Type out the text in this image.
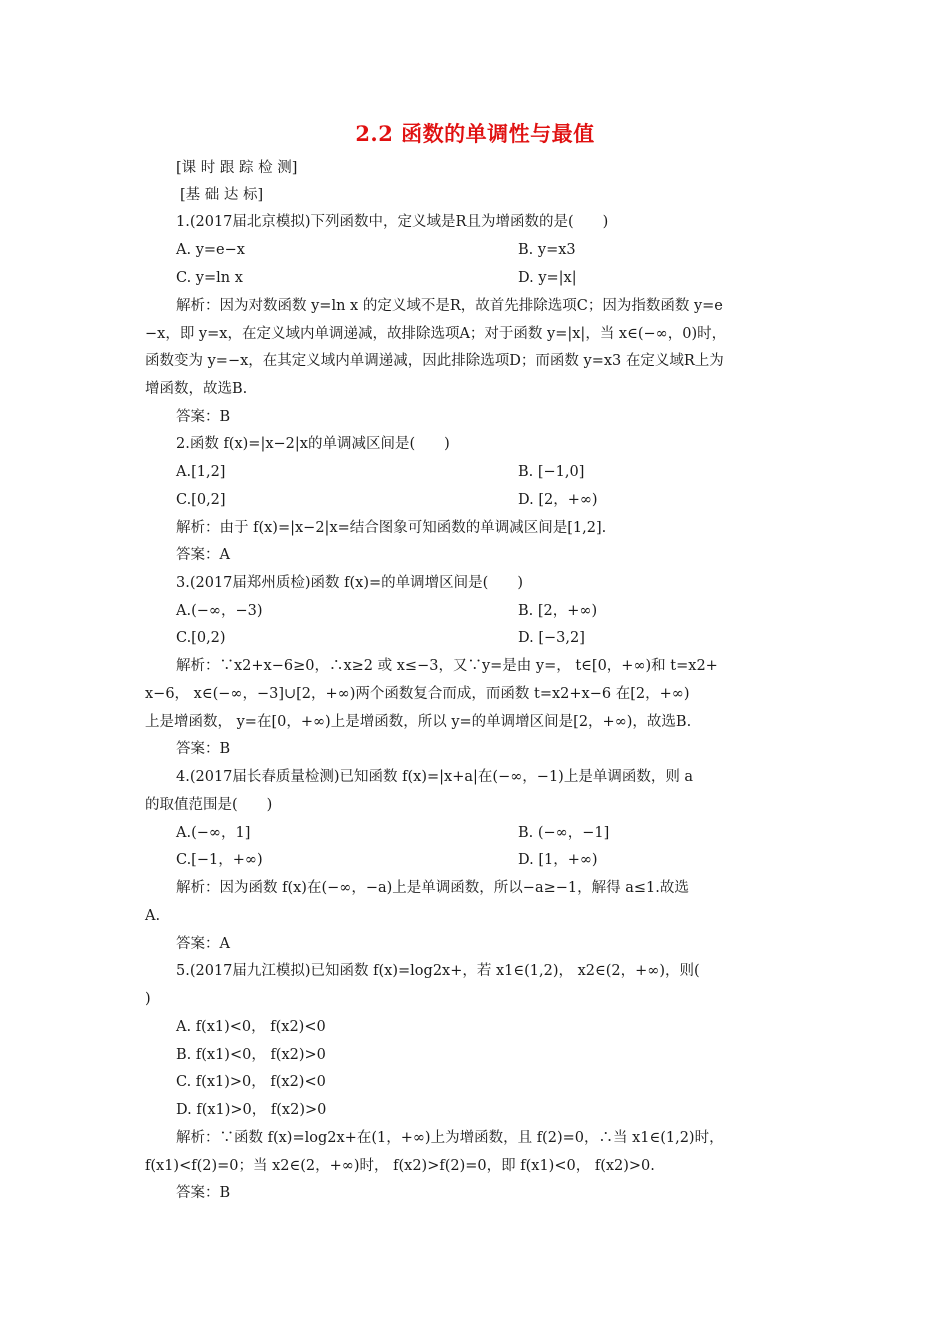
2.2 函数的单调性与最值
[课 时 跟 踪 检 测]
[基 础 达 标]
1.(2017届北京模拟)下列函数中，定义域是R且为增函数的是(　　)
A. y=e−x	B. y=x3
C. y=ln x	D. y=|x|
解析：因为对数函数 y=ln x 的定义域不是R，故首先排除选项C；因为指数函数 y=e
−x，即 y=x，在定义域内单调递减，故排除选项A；对于函数 y=|x|，当 x∈(−∞，0)时，
函数变为 y=−x，在其定义域内单调递减，因此排除选项D；而函数 y=x3 在定义域R上为
增函数，故选B.
答案：B
2.函数 f(x)=|x−2|x的单调减区间是(　　)
A.[1,2]	B. [−1,0]
C.[0,2]	D. [2，+∞)
解析：由于 f(x)=|x−2|x=结合图象可知函数的单调减区间是[1,2].
答案：A
3.(2017届郑州质检)函数 f(x)=的单调增区间是(　　)
A.(−∞，−3)	B. [2，+∞)
C.[0,2)	D. [−3,2]
解析：∵x2+x−6≥0，∴x≥2 或 x≤−3，又∵y=是由 y=， t∈[0，+∞)和 t=x2+
x−6， x∈(−∞，−3]∪[2，+∞)两个函数复合而成，而函数 t=x2+x−6 在[2，+∞)
上是增函数， y=在[0，+∞)上是增函数，所以 y=的单调增区间是[2，+∞)，故选B.
答案：B
4.(2017届长春质量检测)已知函数 f(x)=|x+a|在(−∞，−1)上是单调函数，则 a
的取值范围是(　　)
A.(−∞，1]	B. (−∞，−1]
C.[−1，+∞)	D. [1，+∞)
解析：因为函数 f(x)在(−∞，−a)上是单调函数，所以−a≥−1，解得 a≤1.故选
A.
答案：A
5.(2017届九江模拟)已知函数 f(x)=log2x+，若 x1∈(1,2)， x2∈(2，+∞)，则(
)
A. f(x1)<0， f(x2)<0
B. f(x1)<0， f(x2)>0
C. f(x1)>0， f(x2)<0
D. f(x1)>0， f(x2)>0
解析：∵函数 f(x)=log2x+在(1，+∞)上为增函数，且 f(2)=0，∴当 x1∈(1,2)时，
f(x1)<f(2)=0；当 x2∈(2，+∞)时， f(x2)>f(2)=0，即 f(x1)<0， f(x2)>0.
答案：B
